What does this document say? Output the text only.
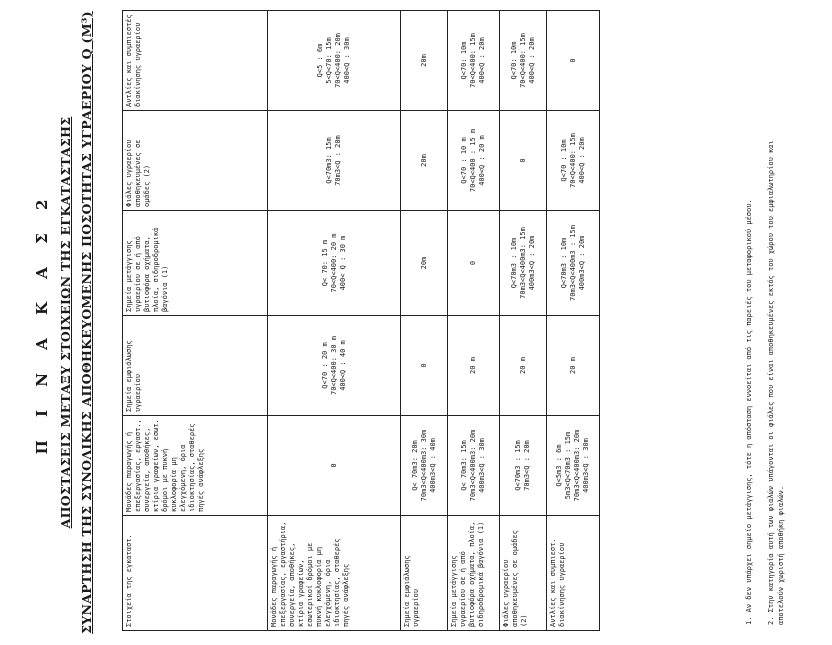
Π Ι Ν Α Κ Α Σ 2 ΑΠΟΣΤΑΣΕΙΣ ΜΕΤΑΞΥ ΣΤΟΙΧΕΙΩΝ ΤΗΣ ΕΓΚΑΤΑΣΤΑΣΗΣ ΣΥΝΑΡΤΗΣΗ ΤΗΣ ΣΥΝΟΛΙΚΗΣ ΑΠΟΘΗΚΕΥΟΜΕΝΗΣ ΠΟΣΟΤΗΤΑΣ ΥΓΡΑΕΡΙΟΥ Q (Μ³)	Στοιχεία της εγκαταστ.	Μονάδες παραγωγής ή επεξεργασίας, εργαστ., συνεργεία, αποθήκες, κτίρια γραφείων, εσωτ. δρόμοι με πυκνή κυκλοφορία μη ελεγχόμενη, όρια ιδιοκτησίας, σταθερές πηγές ανάφλεξης	Σημεία εμφιάλωσης υγραερίου	Σημεία μετάγγισης υγραερίου σε ή από βυτιοφόρα οχήματα, πλοία, σιδηροδρομικά βαγόνια (1)	Φιάλες υγραερίου αποθηκευμένες σε ομάδες (2)	Αντλίες και συμπιεστές διακίνησης υγραερίου
Μονάδες παραγωγής ή επεξεργασίας, εργαστήρια, συνεργεία, αποθήκες, κτίρια γραφείων, εσωτερικοί δρόμοι με πυκνή κυκλοφορία μη ελεγχόμενη, όρια ιδιοκτησίας, σταθερές πηγές ανάφλεξης	0	Q<70 : 20 m
70<Q<400: 30 m
400<Q : 40 m	Q< 70: 15 m
70<Q<400: 20 m
400< Q : 30 m	Q<70m3: 15m
70m3<Q : 20m	Q<5 : 6m
5<Q<70: 15m
70<Q<400: 20m
400<Q : 30m
Σημεία εμφιάλωσης υγραερίου	Q< 70m3: 20m
70m3<Q<400m3: 30m
400m3<Q : 40m	0	20m	20m	20m
Σημεία μετάγγισης υγραερίου σε ή από βυτιοφόρα οχήματα, πλοία, σιδηροδρομικά βαγόνια (1)	Q< 70m3: 15m
70m3<Q<400m3: 20m
400m3<Q : 30m	20 m	0	Q<70 : 10 m
70<Q<400 : 15 m
400<Q : 20 m	Q<70: 10m
70<Q<400: 15m
400<Q : 20m
Φιάλες υγραερίου αποθηκευμένες σε ομάδες (2)	Q<70m3 : 15m
70m3<Q : 20m	20 m	Q<70m3 : 10m
70m3<Q<400m3: 15m
400m3<Q : 20m	0	Q<70: 10m
70<Q<400: 15m
400<Q : 20m
Αντλίες και συμπιεστ. διακίνησης υγραερίου	Q<5m3 : 6m
5m3<Q<70m3 : 15m
70m3<Q<400m3: 20m
400m3<Q : 30m	20 m	Q<70m3 : 10m
70m3<Q<400m3 : 15m
400m3<Q : 20m	Q<70 : 10m
70<Q<400: 15m
400<Q : 20m	0
1. Αν δεν υπάρχει σημείο μετάγγισης, τότε η απόσταση εννοείται από τις παρειές του μεταφορικού μέσου. 2. Στην κατηγορία αυτή των φιαλών υπάγονται οι φιάλες που είναι αποθηκευμένες εκτός του χώρου του εμφιαλωτηρίου και
αποτελούν χωριστή αποθήκη φιαλών.
